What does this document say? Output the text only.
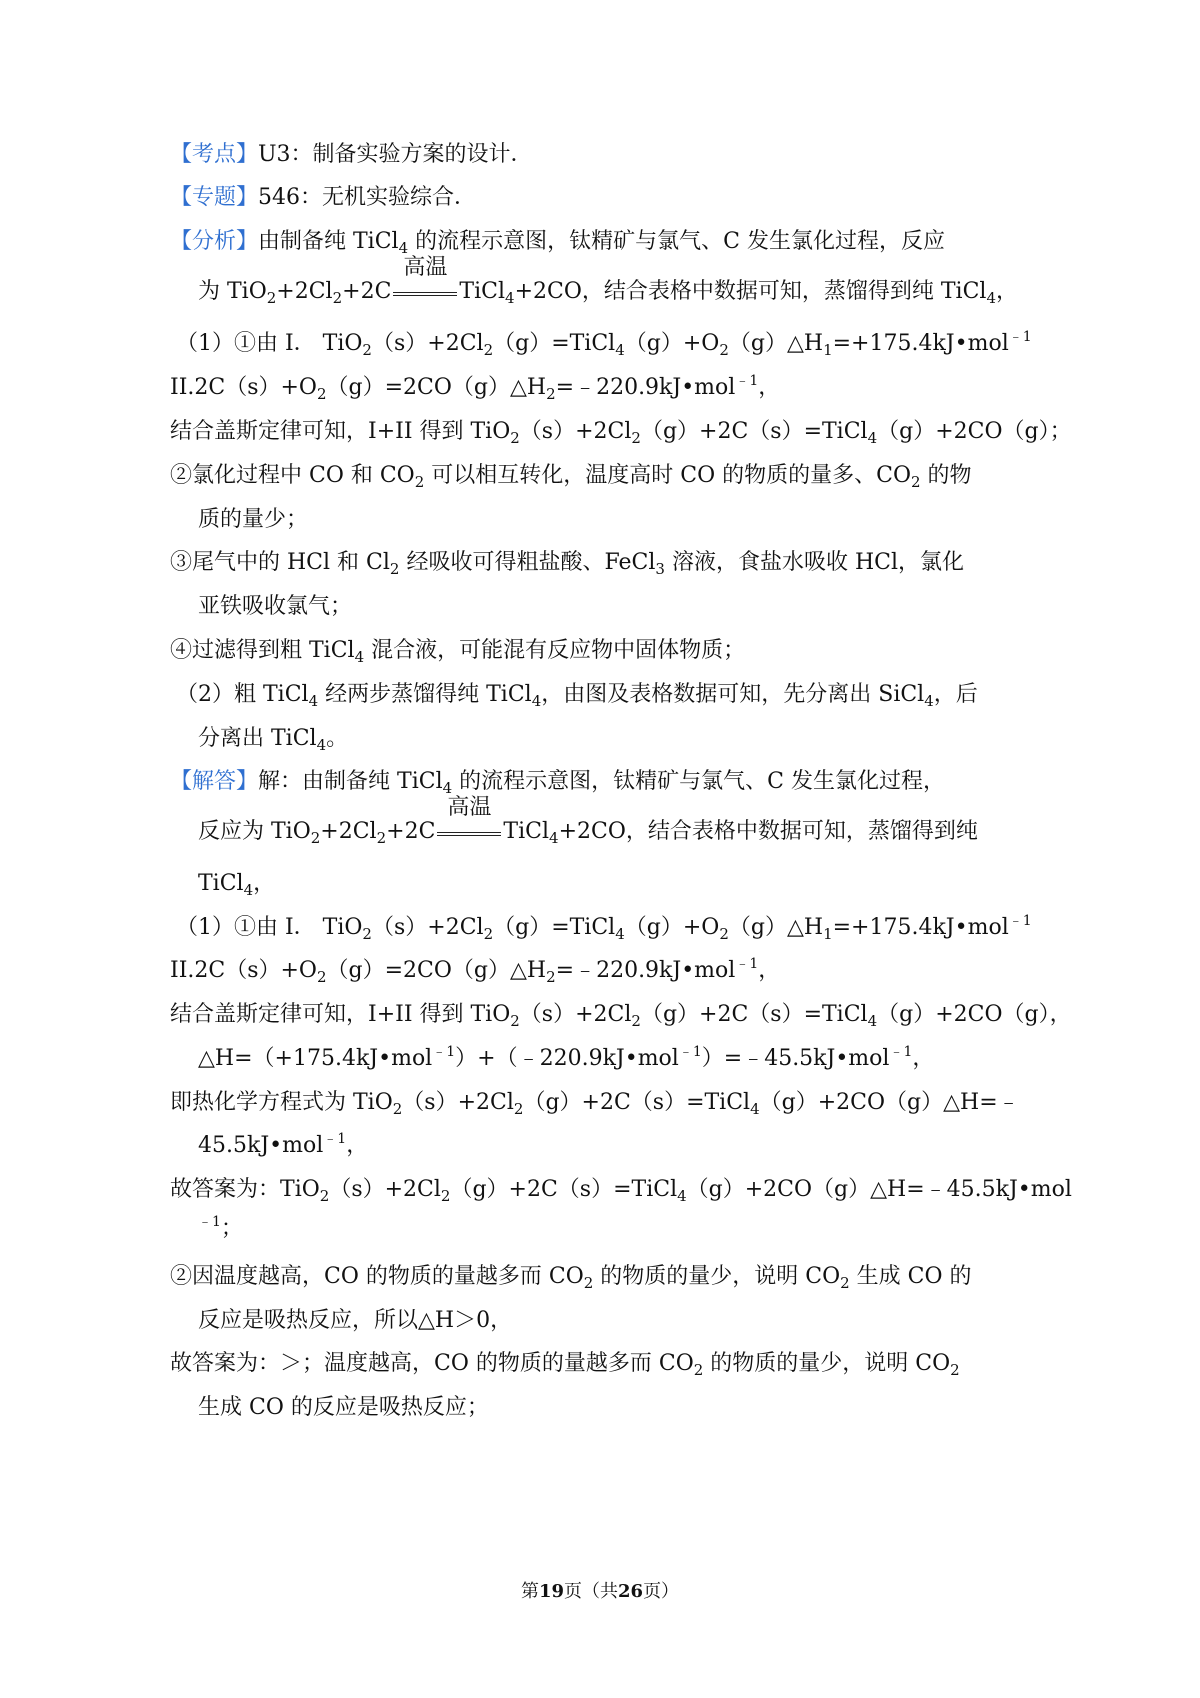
【考点】U3：制备实验方案的设计．
【专题】546：无机实验综合．
【分析】由制备纯 TiCl$_4$ 的流程示意图，钛精矿与氯气、C 发生氯化过程，反应
为 $TiO_2+2Cl_2+2C$
高温
TiCl$_4$+2CO，结合表格中数据可知，蒸馏得到纯 TiCl$_4$，
（1）①由 I． $TiO_2(s)+2Cl_2(g)=TiCl_4(g)+O_2(g)\triangle H_1=+175.4kJ•mol^{﹣1}$
$II.2C(s)+O_2(g)=2CO(g)\triangle H_2=﹣220.9kJ•mol^{﹣1}$，
结合盖斯定律可知，I+II 得到 $TiO_2(s)+2Cl_2(g)+2C(s)=TiCl_4(g)+2CO(g)$；
②氯化过程中 CO 和 $CO_2$ 可以相互转化，温度高时 CO 的物质的量多、$CO_2$ 的物
质的量少；
③尾气中的 HCl 和 $Cl_2$ 经吸收可得粗盐酸、FeCl$_3$ 溶液，食盐水吸收 HCl，氯化
亚铁吸收氯气；
④过滤得到粗 TiCl$_4$ 混合液，可能混有反应物中固体物质；
（2）粗 TiCl$_4$ 经两步蒸馏得纯 TiCl$_4$，由图及表格数据可知，先分离出 SiCl$_4$，后
分离出 TiCl$_4$。
【解答】解：由制备纯 TiCl$_4$ 的流程示意图，钛精矿与氯气、C 发生氯化过程，
反应为 $TiO_2+2Cl_2+2C$
高温
TiCl$_4$+2CO，结合表格中数据可知，蒸馏得到纯
TiCl$_4$，
（1）①由 I． $TiO_2(s)+2Cl_2(g)=TiCl_4(g)+O_2(g)\triangle H_1=+175.4kJ•mol^{﹣1}$
$II.2C(s)+O_2(g)=2CO(g)\triangle H_2=﹣220.9kJ•mol^{﹣1}$，
结合盖斯定律可知，I+II 得到 $TiO_2(s)+2Cl_2(g)+2C(s)=TiCl_4(g)+2CO(g)$，
△H=（+175.4kJ•mol$^{﹣1}$）+（﹣220.9kJ•mol$^{﹣1}$）=﹣45.5kJ•mol$^{﹣1}$，
即热化学方程式为 $TiO_2(s)+2Cl_2(g)+2C(s)=TiCl_4(g)+2CO(g)\triangle H=﹣$
45.5kJ•mol$^{﹣1}$，
故答案为：$TiO_2(s)+2Cl_2(g)+2C(s)=TiCl_4(g)+2CO(g)\triangle H=﹣45.5kJ•mol$
$^{﹣1}$；
②因温度越高，CO 的物质的量越多而 $CO_2$ 的物质的量少，说明 $CO_2$ 生成 CO 的
反应是吸热反应，所以△H＞0，
故答案为：＞；温度越高，CO 的物质的量越多而 $CO_2$ 的物质的量少，说明 $CO_2$
生成 CO 的反应是吸热反应；
第19页（共26页）
